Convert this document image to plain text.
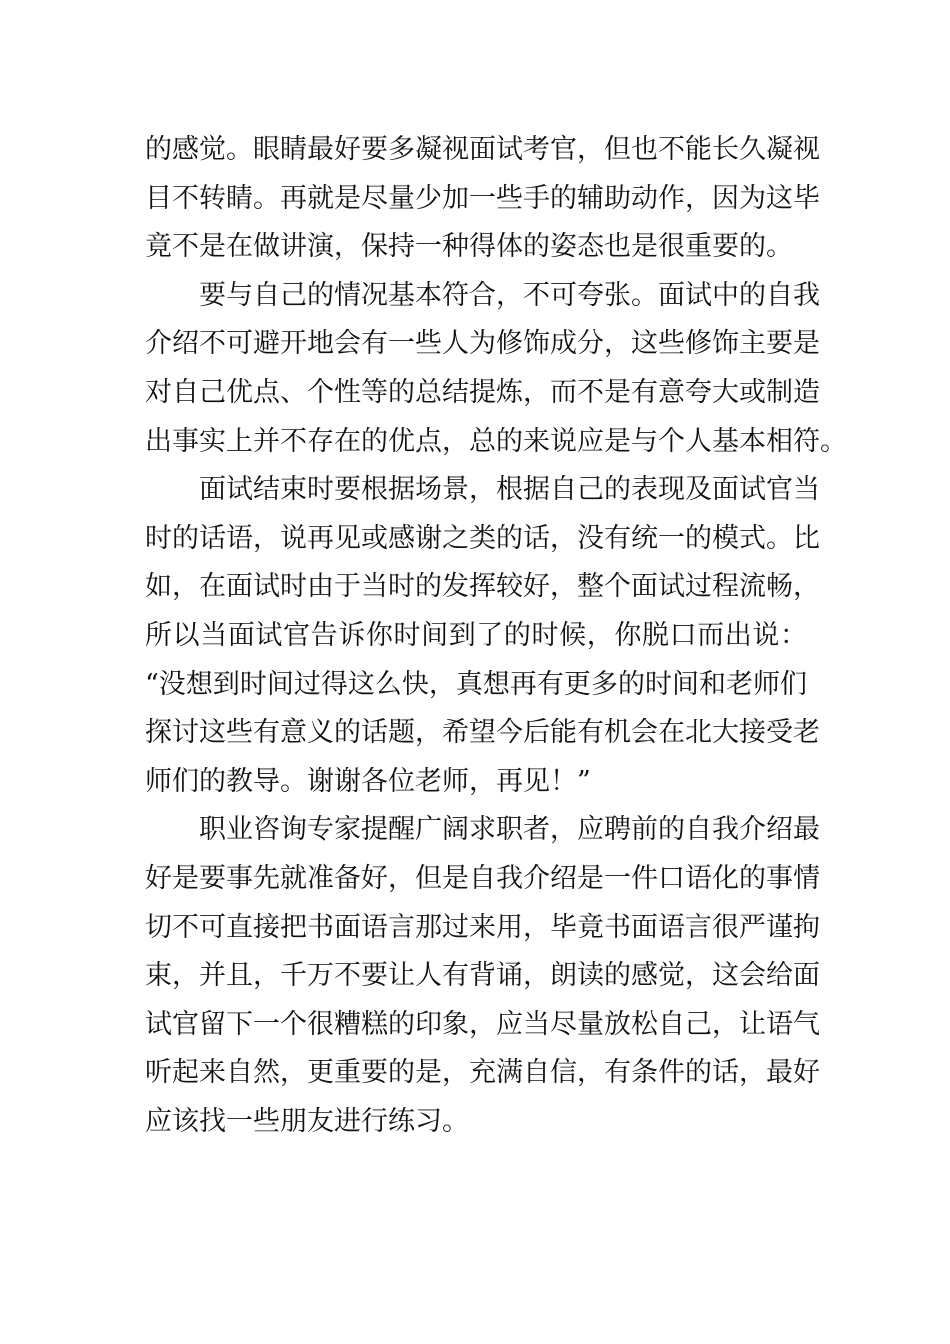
的感觉。眼睛最好要多凝视面试考官，但也不能长久凝视
目不转睛。再就是尽量少加一些手的辅助动作，因为这毕
竟不是在做讲演，保持一种得体的姿态也是很重要的。
要与自己的情况基本符合，不可夸张。面试中的自我
介绍不可避开地会有一些人为修饰成分，这些修饰主要是
对自己优点、个性等的总结提炼，而不是有意夸大或制造
出事实上并不存在的优点，总的来说应是与个人基本相符。
面试结束时要根据场景，根据自己的表现及面试官当
时的话语，说再见或感谢之类的话，没有统一的模式。比
如，在面试时由于当时的发挥较好，整个面试过程流畅，
所以当面试官告诉你时间到了的时候，你脱口而出说：
“没想到时间过得这么快，真想再有更多的时间和老师们
探讨这些有意义的话题，希望今后能有机会在北大接受老
师们的教导。谢谢各位老师，再见！”
职业咨询专家提醒广阔求职者，应聘前的自我介绍最
好是要事先就准备好，但是自我介绍是一件口语化的事情
切不可直接把书面语言那过来用，毕竟书面语言很严谨拘
束，并且，千万不要让人有背诵，朗读的感觉，这会给面
试官留下一个很糟糕的印象，应当尽量放松自己，让语气
听起来自然，更重要的是，充满自信，有条件的话，最好
应该找一些朋友进行练习。
